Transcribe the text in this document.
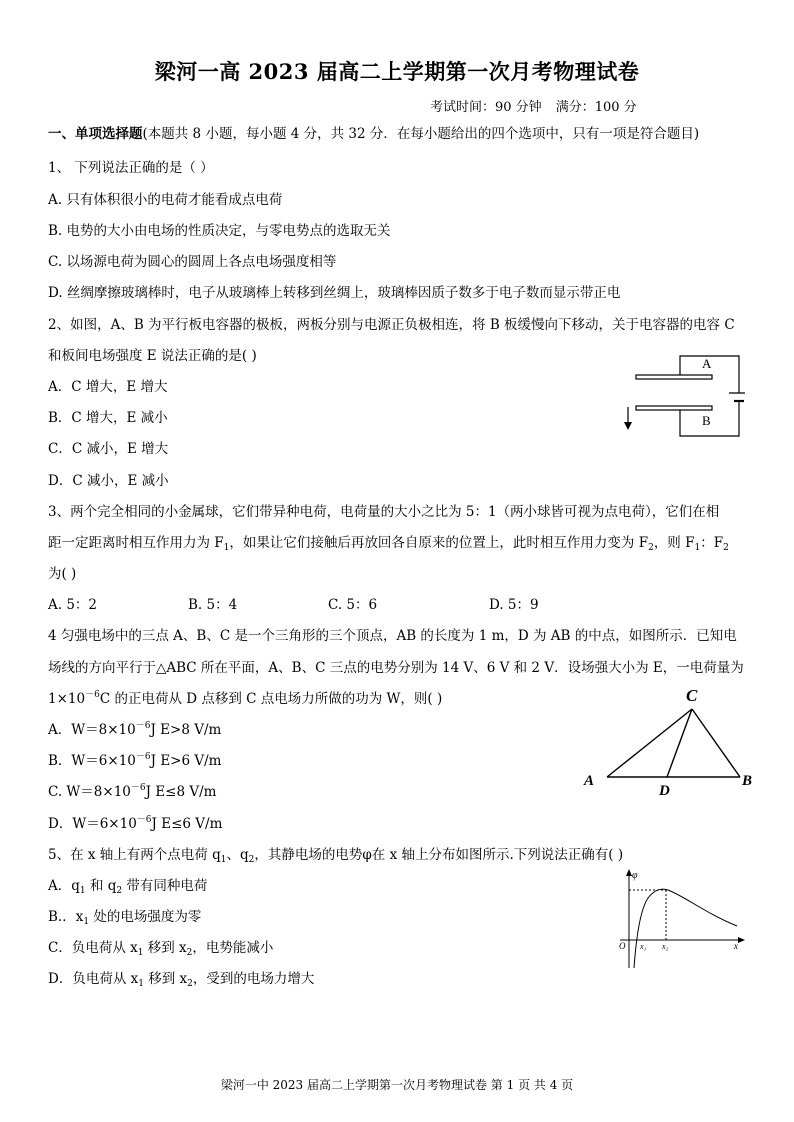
梁河一高 2023 届高二上学期第一次月考物理试卷
考试时间：90 分钟 满分：100 分
一、单项选择题(本题共 8 小题，每小题 4 分，共 32 分．在每小题给出的四个选项中，只有一项是符合题目)
1、 下列说法正确的是（ ）
A. 只有体积很小的电荷才能看成点电荷
B. 电势的大小由电场的性质决定，与零电势点的选取无关
C. 以场源电荷为圆心的圆周上各点电场强度相等
D. 丝绸摩擦玻璃棒时，电子从玻璃棒上转移到丝绸上，玻璃棒因质子数多于电子数而显示带正电
2、如图，A、B 为平行板电容器的极板，两板分别与电源正负极相连，将 B 板缓慢向下移动，关于电容器的电容 C
和板间电场强度 E 说法正确的是( )
A．C 增大，E 增大
B．C 增大，E 减小
C．C 减小，E 增大
D．C 减小，E 减小
A
B
3、两个完全相同的小金属球，它们带异种电荷，电荷量的大小之比为 5：1（两小球皆可视为点电荷），它们在相
距一定距离时相互作用力为 $F_1$，如果让它们接触后再放回各自原来的位置上，此时相互作用力变为 $F_2$，则 $F_1$：$F_2$
为( )
A. 5：2	B. 5：4	C. 5：6	D. 5：9
4 匀强电场中的三点 A、B、C 是一个三角形的三个顶点，AB 的长度为 1 m，D 为 AB 的中点，如图所示．已知电
场线的方向平行于△ABC 所在平面，A、B、C 三点的电势分别为 14 V、6 V 和 2 V．设场强大小为 E，一电荷量为
$1\times 10^{-6}C$ 的正电荷从 D 点移到 C 点电场力所做的功为 W，则( )
A．$W=8\times 10^{-6}J$ E>8 V/m
B．$W=6\times 10^{-6}J$ E>6 V/m
C. $W=8\times 10^{-6}J$ E≤8 V/m
D．$W=6\times 10^{-6}J$ E≤6 V/m
A	B
C
D
5、在 x 轴上有两个点电荷 $q_1$、$q_2$，其静电场的电势φ在 x 轴上分布如图所示.下列说法正确有( )
A．$q_1$ 和 $q_2$ 带有同种电荷
B.．$x_1$ 处的电场强度为零
C．负电荷从 $x_1$ 移到 $x_2$，电势能减小
D．负电荷从 $x_1$ 移到 $x_2$，受到的电场力增大
φ
O x₁ x₂	x
梁河一中 2023 届高二上学期第一次月考物理试卷 第 1 页 共 4 页
